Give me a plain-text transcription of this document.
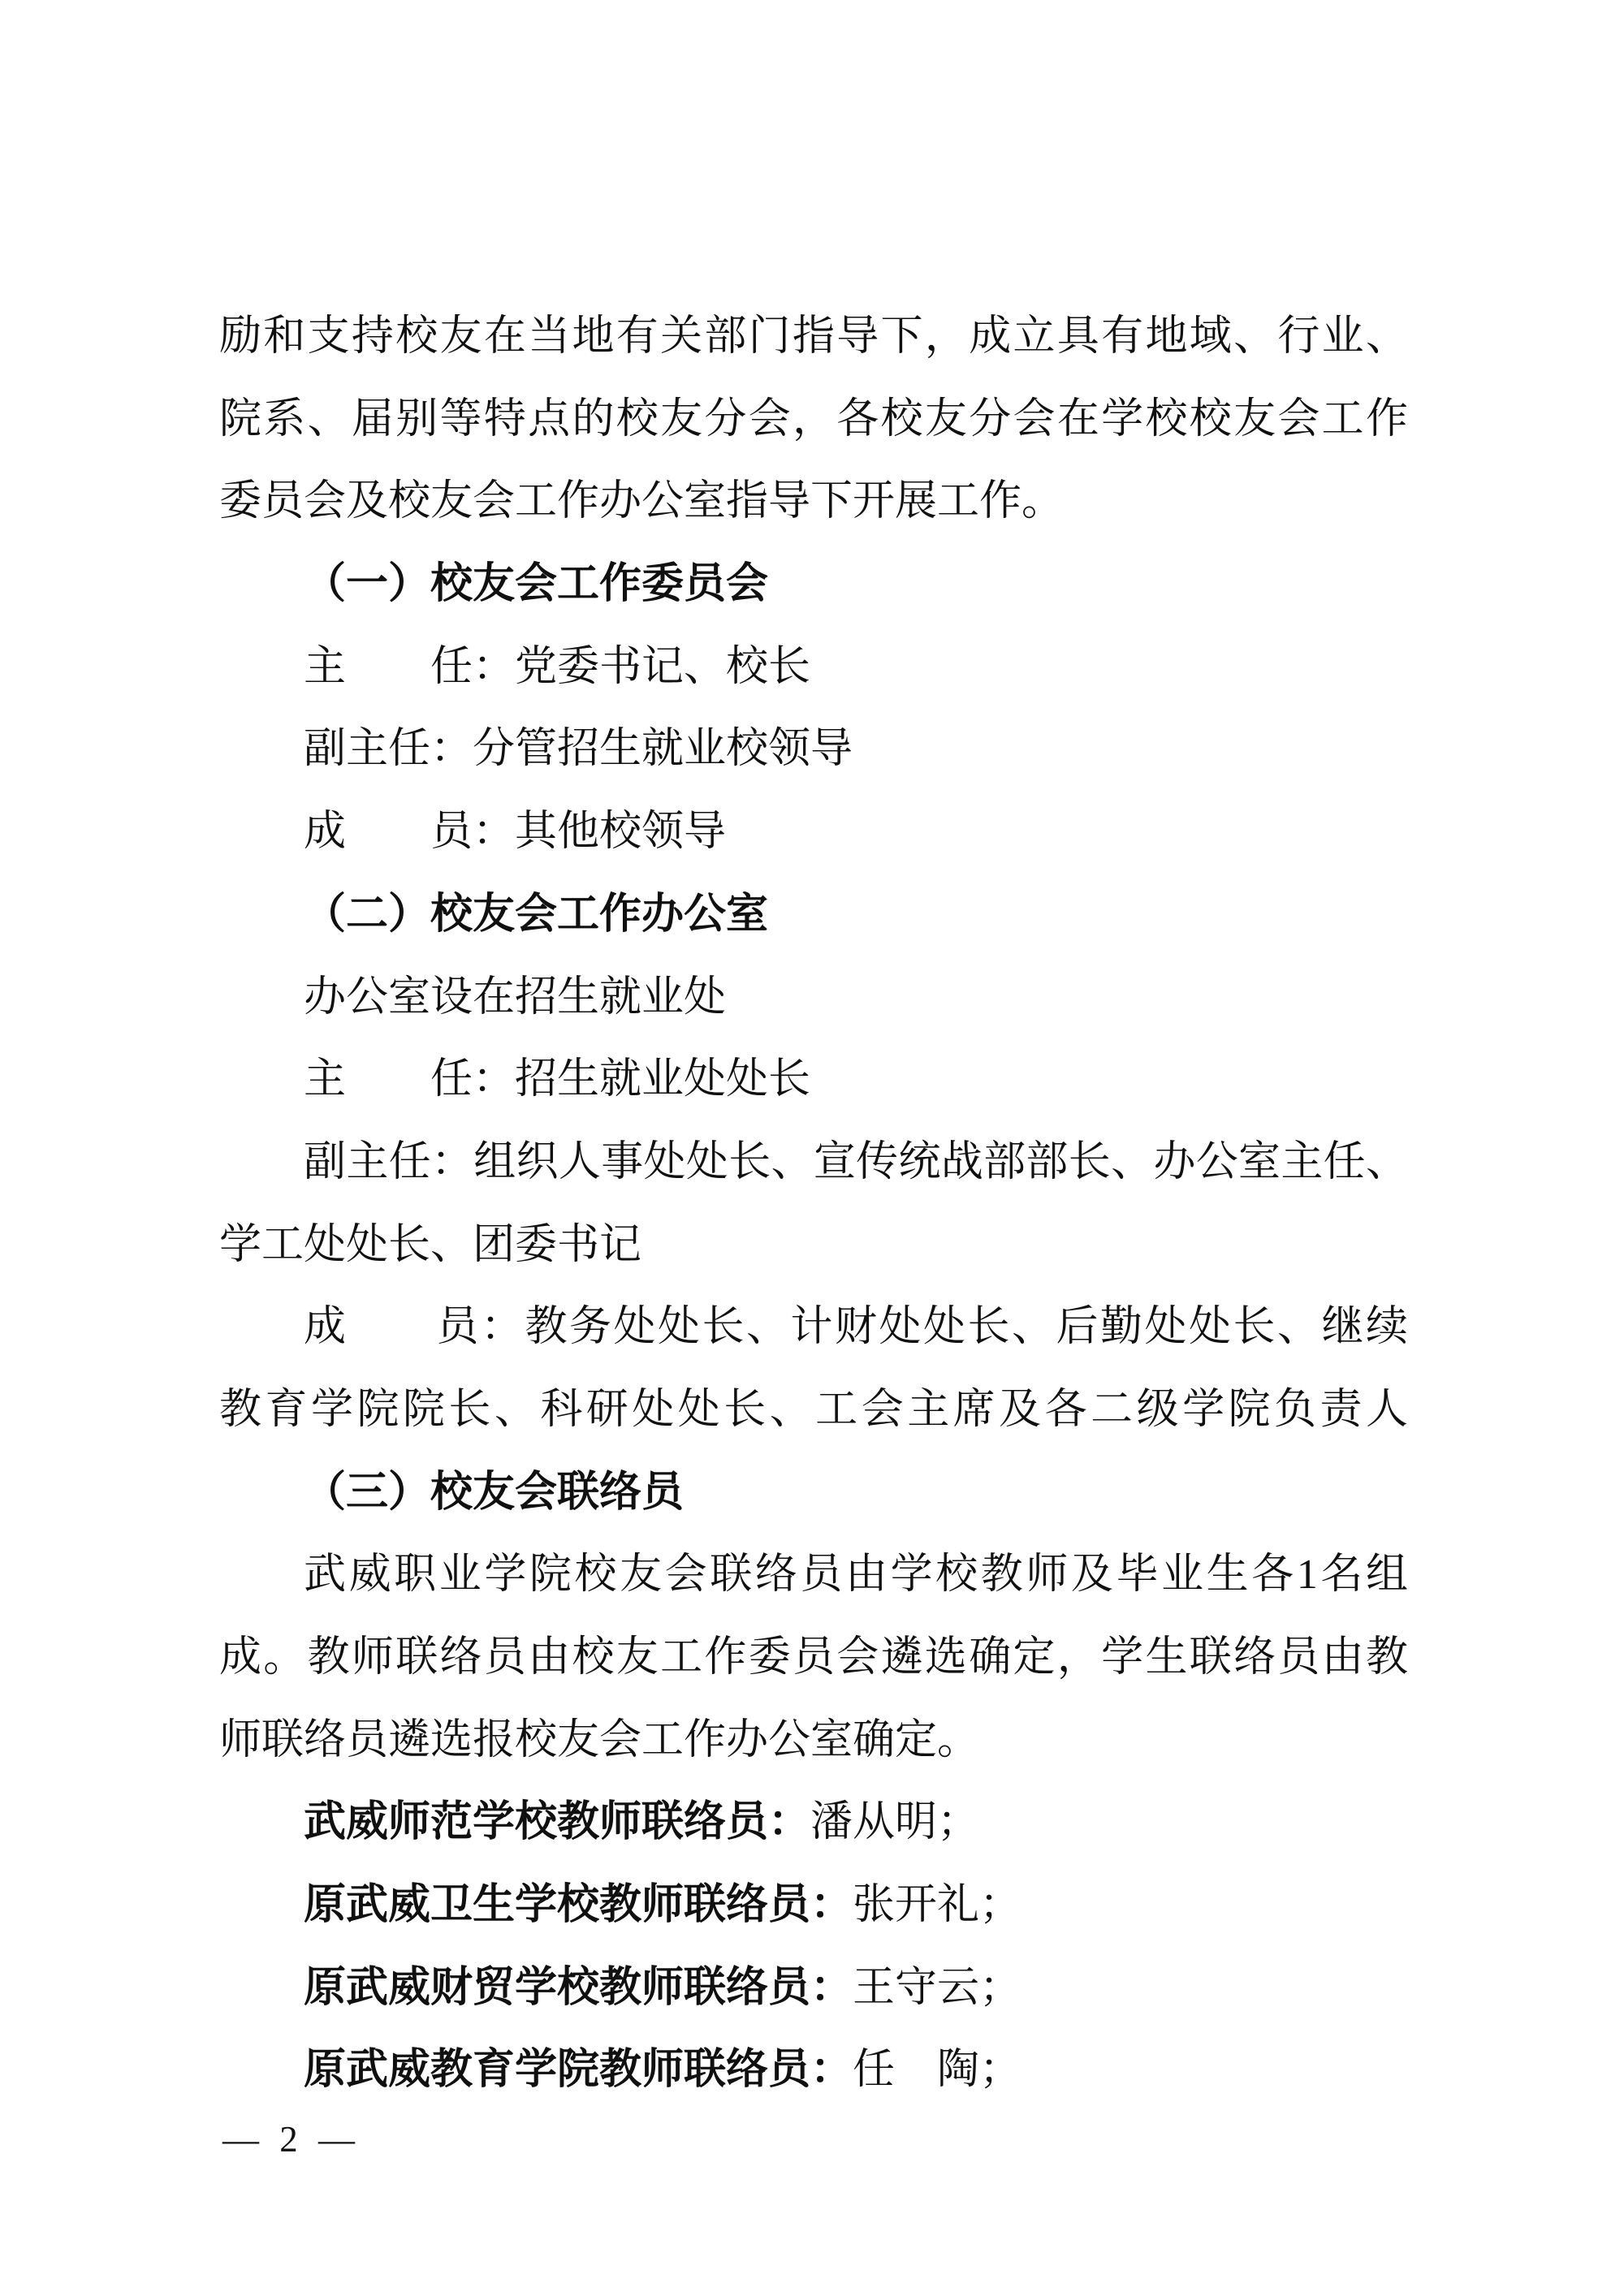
励和支持校友在当地有关部门指导下，成立具有地域、行业、
院系、届别等特点的校友分会，各校友分会在学校校友会工作
委员会及校友会工作办公室指导下开展工作。
（一）校友会工作委员会
主　　任：党委书记、校长
副主任：分管招生就业校领导
成　　员：其他校领导
（二）校友会工作办公室
办公室设在招生就业处
主　　任：招生就业处处长
副主任：组织人事处处长、宣传统战部部长、办公室主任、
学工处处长、团委书记
成　　员：教务处处长、计财处处长、后勤处处长、继续
教育学院院长、科研处处长、工会主席及各二级学院负责人
（三）校友会联络员
武威职业学院校友会联络员由学校教师及毕业生各1名组
成。教师联络员由校友工作委员会遴选确定，学生联络员由教
师联络员遴选报校友会工作办公室确定。
武威师范学校教师联络员：潘从明；
原武威卫生学校教师联络员：张开礼；
原武威财贸学校教师联络员：王守云；
原武威教育学院教师联络员：任　陶；
— 2 —
